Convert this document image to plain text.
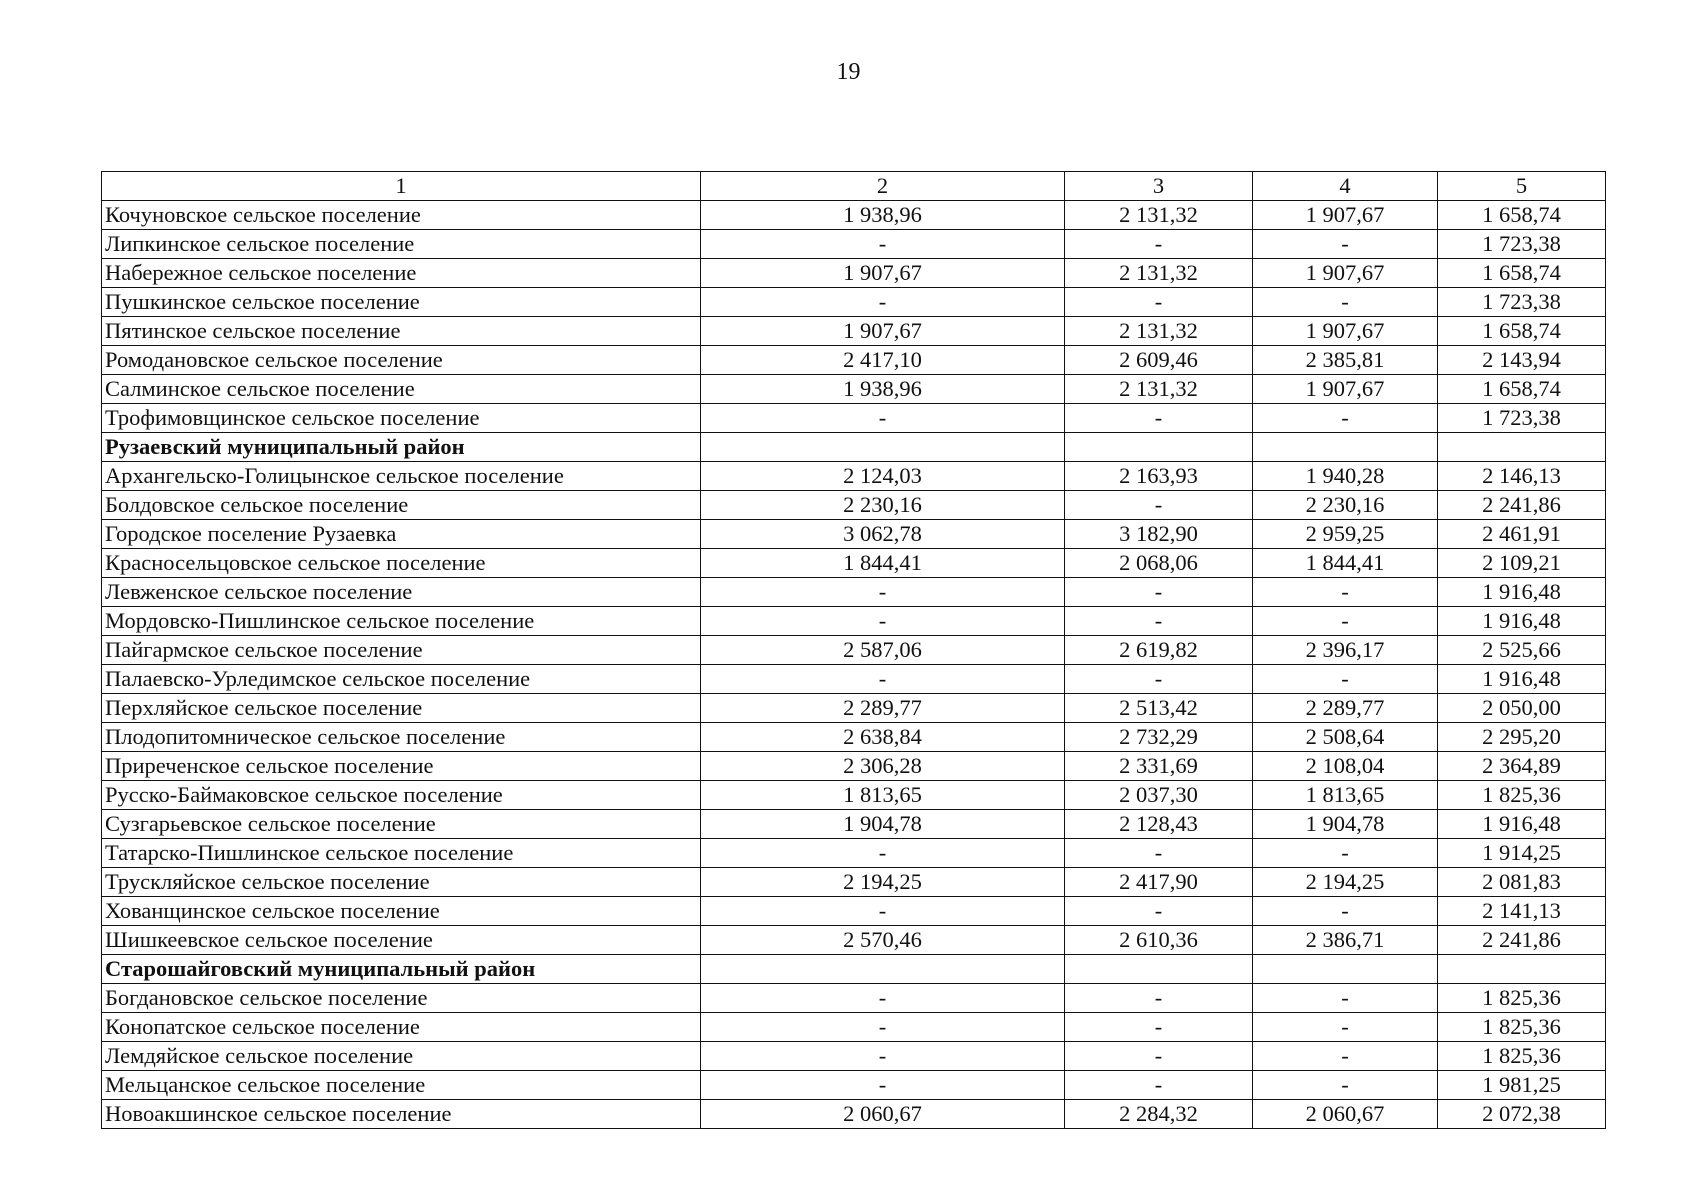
19
1	2	3	4	5
Кочуновское сельское поселение	1 938,96	2 131,32	1 907,67	1 658,74
Липкинское сельское поселение	-	-	-	1 723,38
Набережное сельское поселение	1 907,67	2 131,32	1 907,67	1 658,74
Пушкинское сельское поселение	-	-	-	1 723,38
Пятинское сельское поселение	1 907,67	2 131,32	1 907,67	1 658,74
Ромодановское сельское поселение	2 417,10	2 609,46	2 385,81	2 143,94
Салминское сельское поселение	1 938,96	2 131,32	1 907,67	1 658,74
Трофимовщинское сельское поселение	-	-	-	1 723,38
Рузаевский муниципальный район				
Архангельско-Голицынское сельское поселение	2 124,03	2 163,93	1 940,28	2 146,13
Болдовское сельское поселение	2 230,16	-	2 230,16	2 241,86
Городское поселение Рузаевка	3 062,78	3 182,90	2 959,25	2 461,91
Красносельцовское сельское поселение	1 844,41	2 068,06	1 844,41	2 109,21
Левженское сельское поселение	-	-	-	1 916,48
Мордовско-Пишлинское сельское поселение	-	-	-	1 916,48
Пайгармское сельское поселение	2 587,06	2 619,82	2 396,17	2 525,66
Палаевско-Урледимское сельское поселение	-	-	-	1 916,48
Перхляйское сельское поселение	2 289,77	2 513,42	2 289,77	2 050,00
Плодопитомническое сельское поселение	2 638,84	2 732,29	2 508,64	2 295,20
Приреченское сельское поселение	2 306,28	2 331,69	2 108,04	2 364,89
Русско-Баймаковское сельское поселение	1 813,65	2 037,30	1 813,65	1 825,36
Сузгарьевское сельское поселение	1 904,78	2 128,43	1 904,78	1 916,48
Татарско-Пишлинское сельское поселение	-	-	-	1 914,25
Трускляйское сельское поселение	2 194,25	2 417,90	2 194,25	2 081,83
Хованщинское сельское поселение	-	-	-	2 141,13
Шишкеевское сельское поселение	2 570,46	2 610,36	2 386,71	2 241,86
Старошайговский муниципальный район				
Богдановское сельское поселение	-	-	-	1 825,36
Конопатское сельское поселение	-	-	-	1 825,36
Лемдяйское сельское поселение	-	-	-	1 825,36
Мельцанское сельское поселение	-	-	-	1 981,25
Новоакшинское сельское поселение	2 060,67	2 284,32	2 060,67	2 072,38
